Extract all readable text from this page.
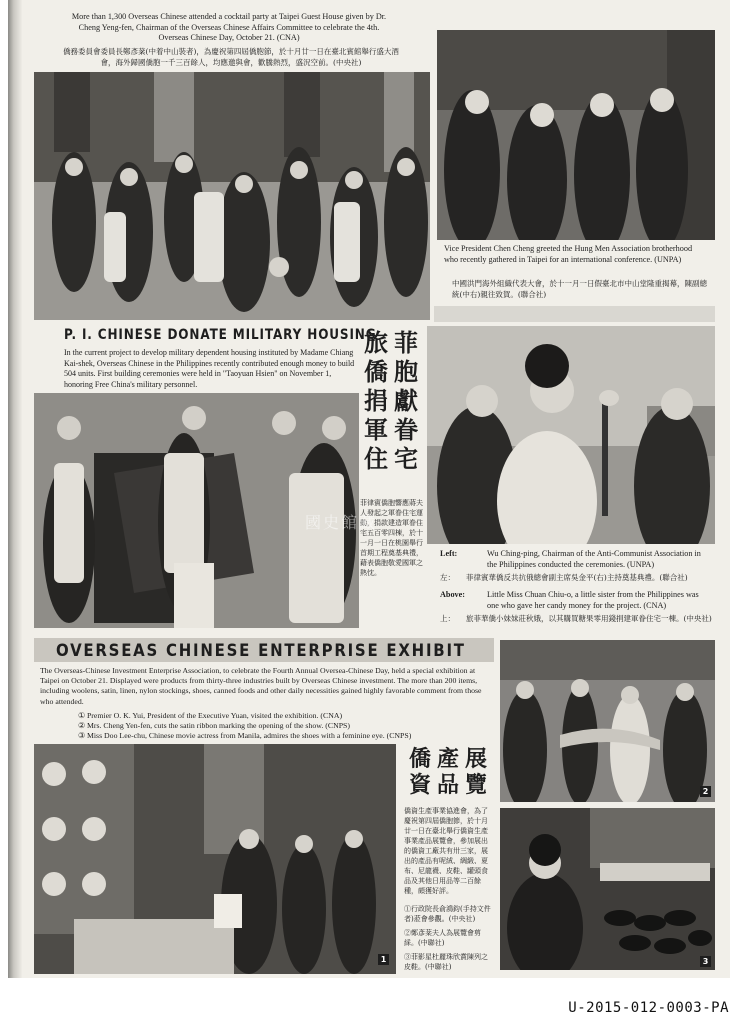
More than 1,300 Overseas Chinese attended a cocktail party at Taipei Guest House given by Dr. Cheng Yeng-fen, Chairman of the Overseas Chinese Affairs Committee to celebrate the 4th. Overseas Chinese Day, October 21. (CNA)
僑務委員會委員長鄭彥棻(中着中山裝者)，為慶祝第四屆僑胞節，於十月廿一日在臺北賓館舉行盛大酒會，海外歸國僑胞一千三百餘人，均應邀與會，歡騰熱烈，盛況空前。(中央社)
Vice President Chen Cheng greeted the Hung Men Association brotherhood who recently gathered in Taipei for an international conference. (UNPA)
中國洪門海外組織代表大會，於十一月一日假臺北市中山堂隆重揭幕，陳副總統(中右)親往致賀。(聯合社)
P. I. CHINESE DONATE MILITARY HOUSING
In the current project to develop military dependent housing instituted by Madame Chiang Kai-shek, Overseas Chinese in the Philippines recently contributed enough money to build 504 units. First building ceremonies were held in "Taoyuan Hsien" on November 1, honoring Free China's military personnel.
菲
胞
獻
眷
宅
旅
僑
捐
軍
住
菲律賓僑胞響應蔣夫人發起之軍眷住宅運動，捐款建造軍眷住宅五百零四棟，於十一月一日在桃園舉行首期工程奠基典禮，藉表僑胞敬愛國軍之熱忱。
Left:	Wu Ching-ping, Chairman of the Anti-Communist Association in the Philippines conducted the ceremonies. (UNPA)
左： 菲律賓華僑反共抗俄總會副主席吳金平(右)主持奠基典禮。(聯合社)
Above:	Little Miss Chuan Chiu-o, a little sister from the Philippines was one who gave her candy money for the project. (CNA)
上： 旅菲華僑小妹妹莊秋娥，以其購買糖果零用錢捐建軍眷住宅一棟。(中央社)
國史館藏
OVERSEAS CHINESE ENTERPRISE EXHIBIT
The Overseas-Chinese Investment Enterprise Association, to celebrate the Fourth Annual Oversea-Chinese Day, held a special exhibition at Taipei on October 21. Displayed were products from thirty-three industries built by Overseas Chinese investment. The more than 200 items, including woolens, satin, linen, nylon stockings, shoes, canned foods and other daily necessities gained highly favorable comment from those who attended.
① Premier O. K. Yui, President of the Executive Yuan, visited the exhibition. (CNA)
② Mrs. Cheng Yen-fen, cuts the satin ribbon marking the opening of the show. (CNPS)
③ Miss Doo Lee-chu, Chinese movie actress from Manila, admires the shoes with a feminine eye. (CNPS)
1
展
覽
產
品
僑
資
僑資生產事業協進會，為了慶祝第四屆僑胞節，於十月廿一日在臺北舉行僑資生產事業產品展覽會，參加展出的僑資工廠共有卅三家，展出的產品有呢絨、綢緞、夏布、尼龍襪、皮鞋、罐頭食品及其他日用品等二百餘種，頗獲好評。
①行政院長俞鴻鈞(手持文件者)蒞會參觀。(中央社)
②鄭彥棻夫人為展覽會剪綵。(中聯社)
③菲影星杜麗珠欣賞陳列之皮鞋。(中聯社)
2
3
U-2015-012-0003-PA
